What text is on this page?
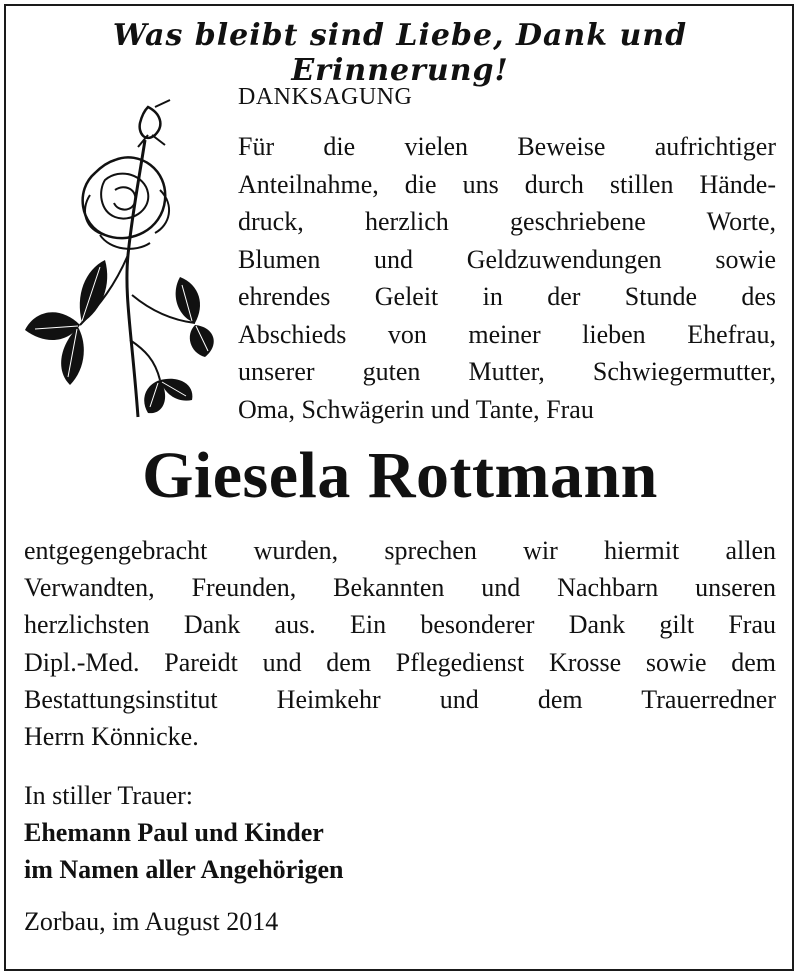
Was bleibt sind Liebe, Dank und Erinnerung!
DANKSAGUNG
Für die vielen Beweise aufrichtiger
Anteilnahme, die uns durch stillen Hände-
druck, herzlich geschriebene Worte,
Blumen und Geldzuwendungen sowie
ehrendes Geleit in der Stunde des
Abschieds von meiner lieben Ehefrau,
unserer guten Mutter, Schwiegermutter,
Oma, Schwägerin und Tante, Frau
Giesela Rottmann
entgegengebracht wurden, sprechen wir hiermit allen
Verwandten, Freunden, Bekannten und Nachbarn unseren
herzlichsten Dank aus. Ein besonderer Dank gilt Frau
Dipl.-Med. Pareidt und dem Pflegedienst Krosse sowie dem
Bestattungsinstitut Heimkehr und dem Trauerredner
Herrn Könnicke.
In stiller Trauer:
Ehemann Paul und Kinder
im Namen aller Angehörigen
Zorbau, im August 2014
